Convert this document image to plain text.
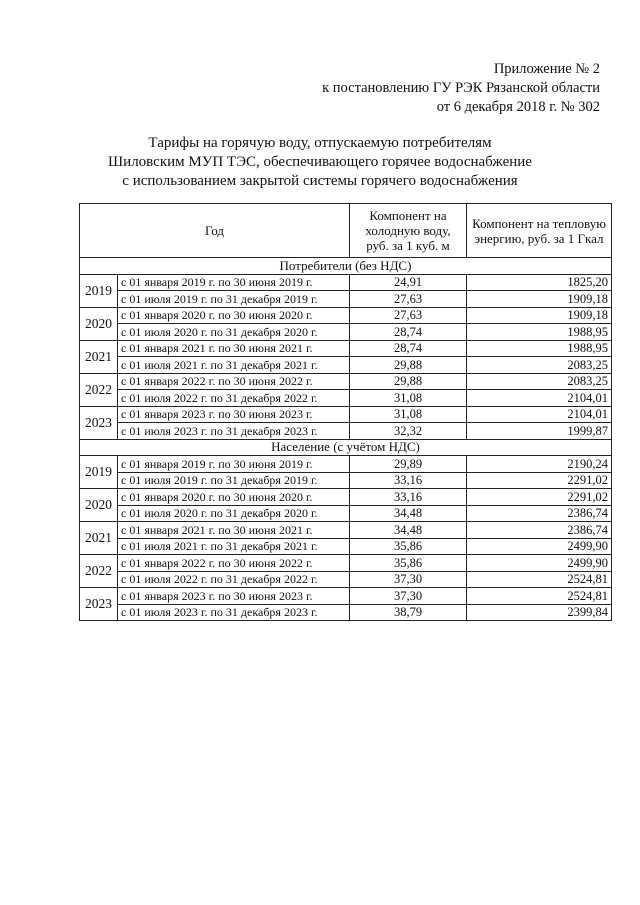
Приложение № 2
к постановлению ГУ РЭК Рязанской области
от 6 декабря 2018 г. № 302
Тарифы на горячую воду, отпускаемую потребителям
Шиловским МУП ТЭС, обеспечивающего горячее водоснабжение
с использованием закрытой системы горячего водоснабжения
Год		Компонент на холодную воду, руб. за 1 куб. м	Компонент на тепловую энергию, руб. за 1 Гкал
Потребители (без НДС)			
2019	с 01 января 2019 г. по 30 июня 2019 г.	24,91	1825,20
	с 01 июля 2019 г. по 31 декабря 2019 г.	27,63	1909,18
2020	с 01 января 2020 г. по 30 июня 2020 г.	27,63	1909,18
	с 01 июля 2020 г. по 31 декабря 2020 г.	28,74	1988,95
2021	с 01 января 2021 г. по 30 июня 2021 г.	28,74	1988,95
	с 01 июля 2021 г. по 31 декабря 2021 г.	29,88	2083,25
2022	с 01 января 2022 г. по 30 июня 2022 г.	29,88	2083,25
	с 01 июля 2022 г. по 31 декабря 2022 г.	31,08	2104,01
2023	с 01 января 2023 г. по 30 июня 2023 г.	31,08	2104,01
	с 01 июля 2023 г. по 31 декабря 2023 г.	32,32	1999,87
Население (с учётом НДС)			
2019	с 01 января 2019 г. по 30 июня 2019 г.	29,89	2190,24
	с 01 июля 2019 г. по 31 декабря 2019 г.	33,16	2291,02
2020	с 01 января 2020 г. по 30 июня 2020 г.	33,16	2291,02
	с 01 июля 2020 г. по 31 декабря 2020 г.	34,48	2386,74
2021	с 01 января 2021 г. по 30 июня 2021 г.	34,48	2386,74
	с 01 июля 2021 г. по 31 декабря 2021 г.	35,86	2499,90
2022	с 01 января 2022 г. по 30 июня 2022 г.	35,86	2499,90
	с 01 июля 2022 г. по 31 декабря 2022 г.	37,30	2524,81
2023	с 01 января 2023 г. по 30 июня 2023 г.	37,30	2524,81
	с 01 июля 2023 г. по 31 декабря 2023 г.	38,79	2399,84
